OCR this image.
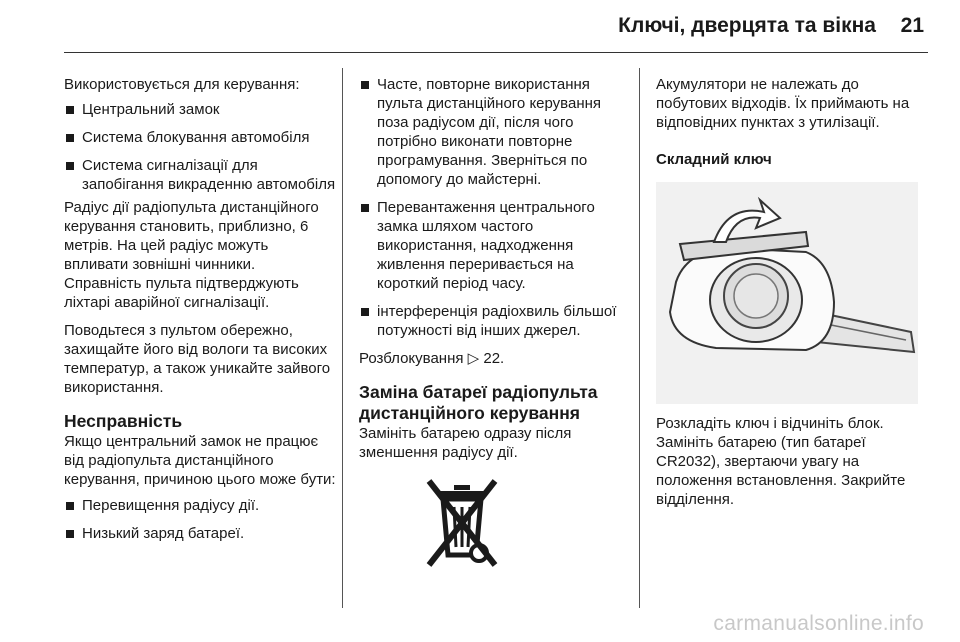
Ключі, дверцята та вікна 21

Використовується для керування:

Центральний замок
Система блокування автомобіля
Система сигналізації для запобігання викраденню автомобіля

Радіус дії радіопульта дистанційного керування становить, приблизно, 6 метрів. На цей радіус можуть впливати зовнішні чинники. Справність пульта підтверджують ліхтарі аварійної сигналізації.

Поводьтеся з пультом обережно, захищайте його від вологи та високих температур, а також уникайте зайвого використання.

Несправність

Якщо центральний замок не працює від радіопульта дистанційного керування, причиною цього може бути:

Перевищення радіусу дії.
Низький заряд батареї.
Часте, повторне використання пульта дистанційного керування поза радіусом дії, після чого потрібно виконати повторне програмування. Зверніться по допомогу до майстерні.
Перевантаження центрального замка шляхом частого використання, надходження живлення переривається на короткий період часу.
інтерференція радіохвиль більшої потужності від інших джерел.

Розблокування ▷ 22.

Заміна батареї радіопульта дистанційного керування

Замініть батарею одразу після зменшення радіусу дії.

Акумулятори не належать до побутових відходів. Їх приймають на відповідних пунктах з утилізації.

Складний ключ

Розкладіть ключ і відчиніть блок. Замініть батарею (тип батареї CR2032), звертаючи увагу на положення встановлення. Закрийте відділення.

carmanualsonline.info
